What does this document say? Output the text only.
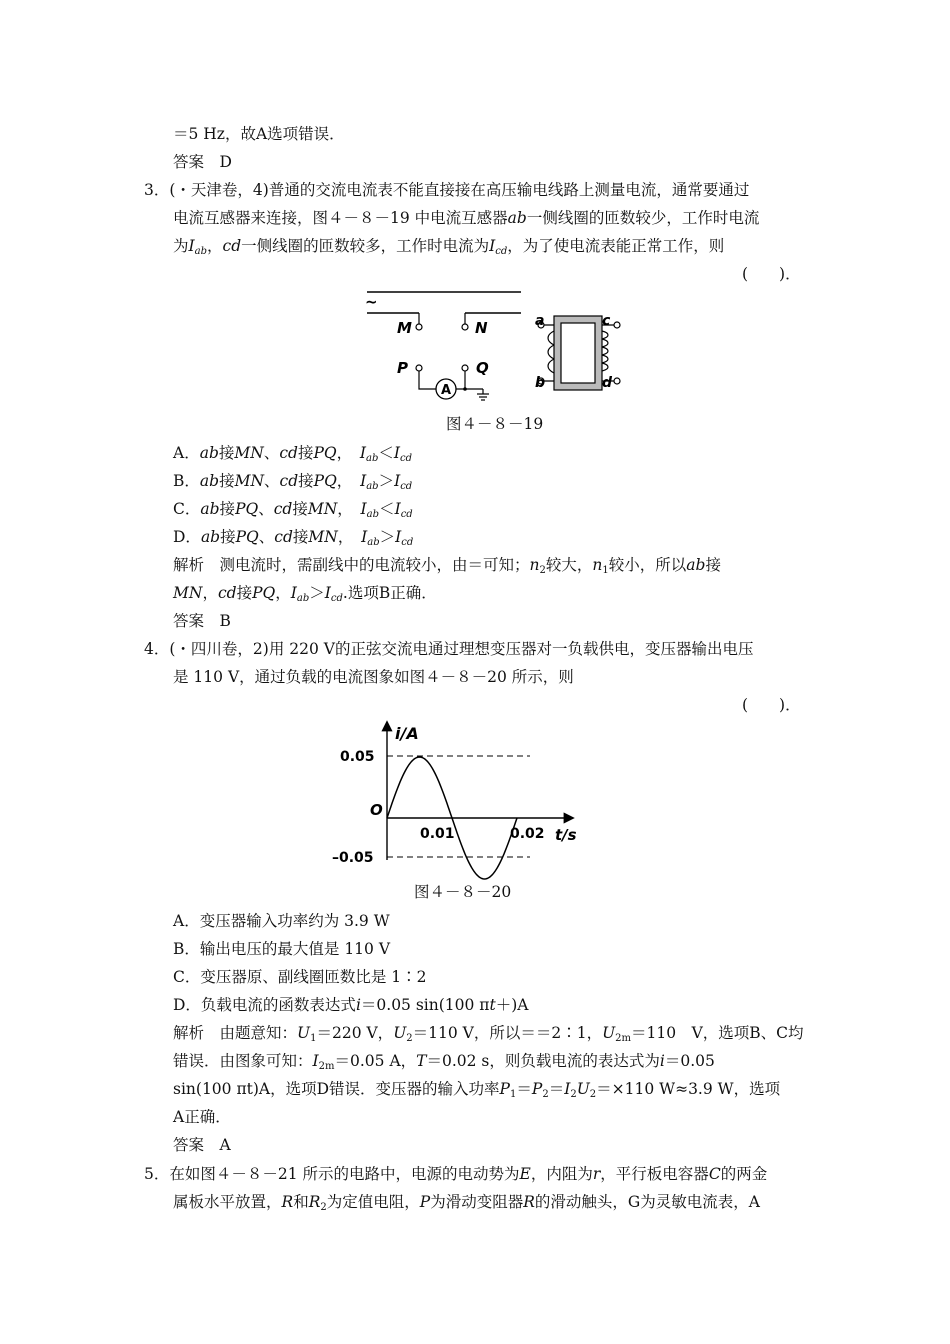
＝5 Hz，故A选项错误．
答案　D
3．(・天津卷，4)普通的交流电流表不能直接接在高压输电线路上测量电流，通常要通过
电流互感器来连接，图４－８－19 中电流互感器ab一侧线圈的匝数较少，工作时电流
为$I_{ab}$，cd一侧线圈的匝数较多，工作时电流为$I_{cd}$，为了使电流表能正常工作，则
(　　)．
~
M	N
P	Q
A
a
b
c
d
图４－８－19
A．ab接MN、cd接PQ，　$I_{ab}<I_{cd}$
B．ab接MN、cd接PQ，　$I_{ab}>I_{cd}$
C．ab接PQ、cd接MN，　$I_{ab}<I_{cd}$
D．ab接PQ、cd接MN，　$I_{ab}>I_{cd}$
解析　测电流时，需副线中的电流较小，由＝可知；$n_2$较大，$n_1$较小，所以ab接
MN，cd接PQ，$I_{ab}>I_{cd}$.选项B正确．
答案　B
4．(・四川卷，2)用 220 V的正弦交流电通过理想变压器对一负载供电，变压器输出电压
是 110 V，通过负载的电流图象如图４－８－20 所示，则
(　　)．
i/A
0.05
–0.05
O
0.01	0.02 t/s
图４－８－20
A．变压器输入功率约为 3.9 W
B．输出电压的最大值是 110 V
C．变压器原、副线圈匝数比是 1∶2
D．负载电流的函数表达式i＝0.05 sin(100 πt＋)A
解析　由题意知：$U_1=220$ V，$U_2=110$ V，所以＝＝2∶1，$U_{2m}=110$　V，选项B、C均
错误．由图象可知：$I_{2m}=0.05$ A，T＝0.02 s，则负载电流的表达式为i＝0.05
sin(100 πt)A，选项D错误．变压器的输入功率$P_1=P_2=I_2U_2=\times 110$ W≈3.9 W，选项
A正确．
答案　A
5．在如图４－８－21 所示的电路中，电源的电动势为E，内阻为r，平行板电容器C的两金
属板水平放置，R和$R_2$为定值电阻，P为滑动变阻器R的滑动触头，G为灵敏电流表，A
